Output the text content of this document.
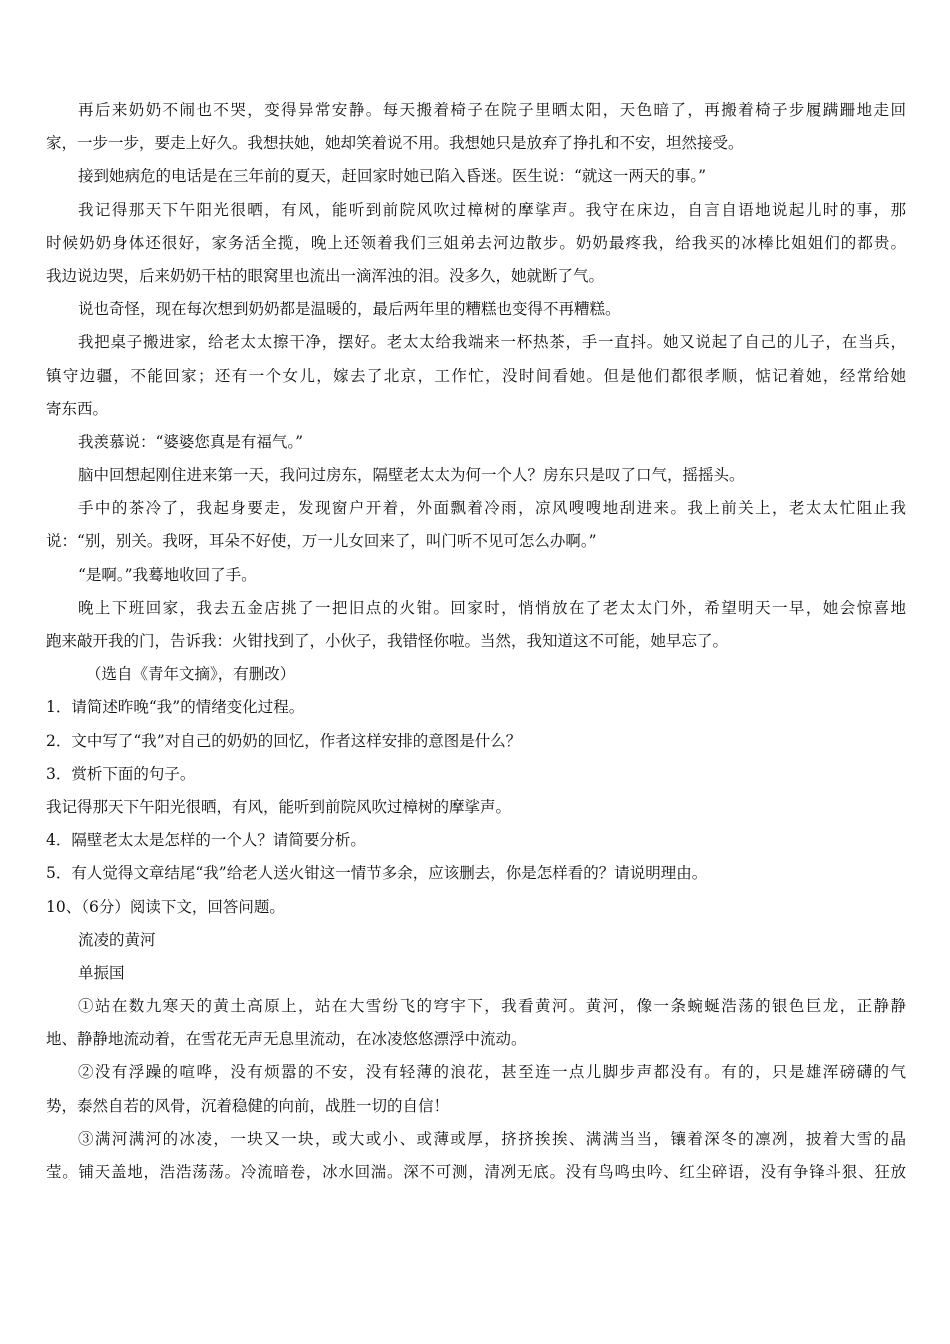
再后来奶奶不闹也不哭，变得异常安静。每天搬着椅子在院子里晒太阳，天色暗了，再搬着椅子步履蹒跚地走回
家，一步一步，要走上好久。我想扶她，她却笑着说不用。我想她只是放弃了挣扎和不安，坦然接受。
接到她病危的电话是在三年前的夏天，赶回家时她已陷入昏迷。医生说：“就这一两天的事。”
我记得那天下午阳光很晒，有风，能听到前院风吹过樟树的摩挲声。我守在床边，自言自语地说起儿时的事，那
时候奶奶身体还很好，家务活全揽，晚上还领着我们三姐弟去河边散步。奶奶最疼我，给我买的冰棒比姐姐们的都贵。
我边说边哭，后来奶奶干枯的眼窝里也流出一滴浑浊的泪。没多久，她就断了气。
说也奇怪，现在每次想到奶奶都是温暖的，最后两年里的糟糕也变得不再糟糕。
我把桌子搬进家，给老太太擦干净，摆好。老太太给我端来一杯热茶，手一直抖。她又说起了自己的儿子，在当兵，
镇守边疆，不能回家；还有一个女儿，嫁去了北京，工作忙，没时间看她。但是他们都很孝顺，惦记着她，经常给她
寄东西。
我羡慕说：“婆婆您真是有福气。”
脑中回想起刚住进来第一天，我问过房东，隔壁老太太为何一个人？房东只是叹了口气，摇摇头。
手中的茶冷了，我起身要走，发现窗户开着，外面飘着冷雨，凉风嗖嗖地刮进来。我上前关上，老太太忙阻止我
说：“别，别关。我呀，耳朵不好使，万一儿女回来了，叫门听不见可怎么办啊。”
“是啊。”我蓦地收回了手。
晚上下班回家，我去五金店挑了一把旧点的火钳。回家时，悄悄放在了老太太门外，希望明天一早，她会惊喜地
跑来敲开我的门，告诉我：火钳找到了，小伙子，我错怪你啦。当然，我知道这不可能，她早忘了。
（选自《青年文摘》，有删改）
1．请简述昨晚“我”的情绪变化过程。
2．文中写了“我”对自己的奶奶的回忆，作者这样安排的意图是什么？
3．赏析下面的句子。
我记得那天下午阳光很晒，有风，能听到前院风吹过樟树的摩挲声。
4．隔壁老太太是怎样的一个人？请简要分析。
5．有人觉得文章结尾“我”给老人送火钳这一情节多余，应该删去，你是怎样看的？请说明理由。
10、（6分）阅读下文，回答问题。
流凌的黄河
单振国
①站在数九寒天的黄土高原上，站在大雪纷飞的穹宇下，我看黄河。黄河，像一条蜿蜒浩荡的银色巨龙，正静静
地、静静地流动着，在雪花无声无息里流动，在冰凌悠悠漂浮中流动。
②没有浮躁的喧哗，没有烦嚣的不安，没有轻薄的浪花，甚至连一点儿脚步声都没有。有的，只是雄浑磅礴的气
势，泰然自若的风骨，沉着稳健的向前，战胜一切的自信！
③满河满河的冰凌，一块又一块，或大或小、或薄或厚，挤挤挨挨、满满当当，镶着深冬的凛冽，披着大雪的晶
莹。铺天盖地，浩浩荡荡。冷流暗卷，冰水回湍。深不可测，清冽无底。没有鸟鸣虫吟、红尘碎语，没有争锋斗狠、狂放
